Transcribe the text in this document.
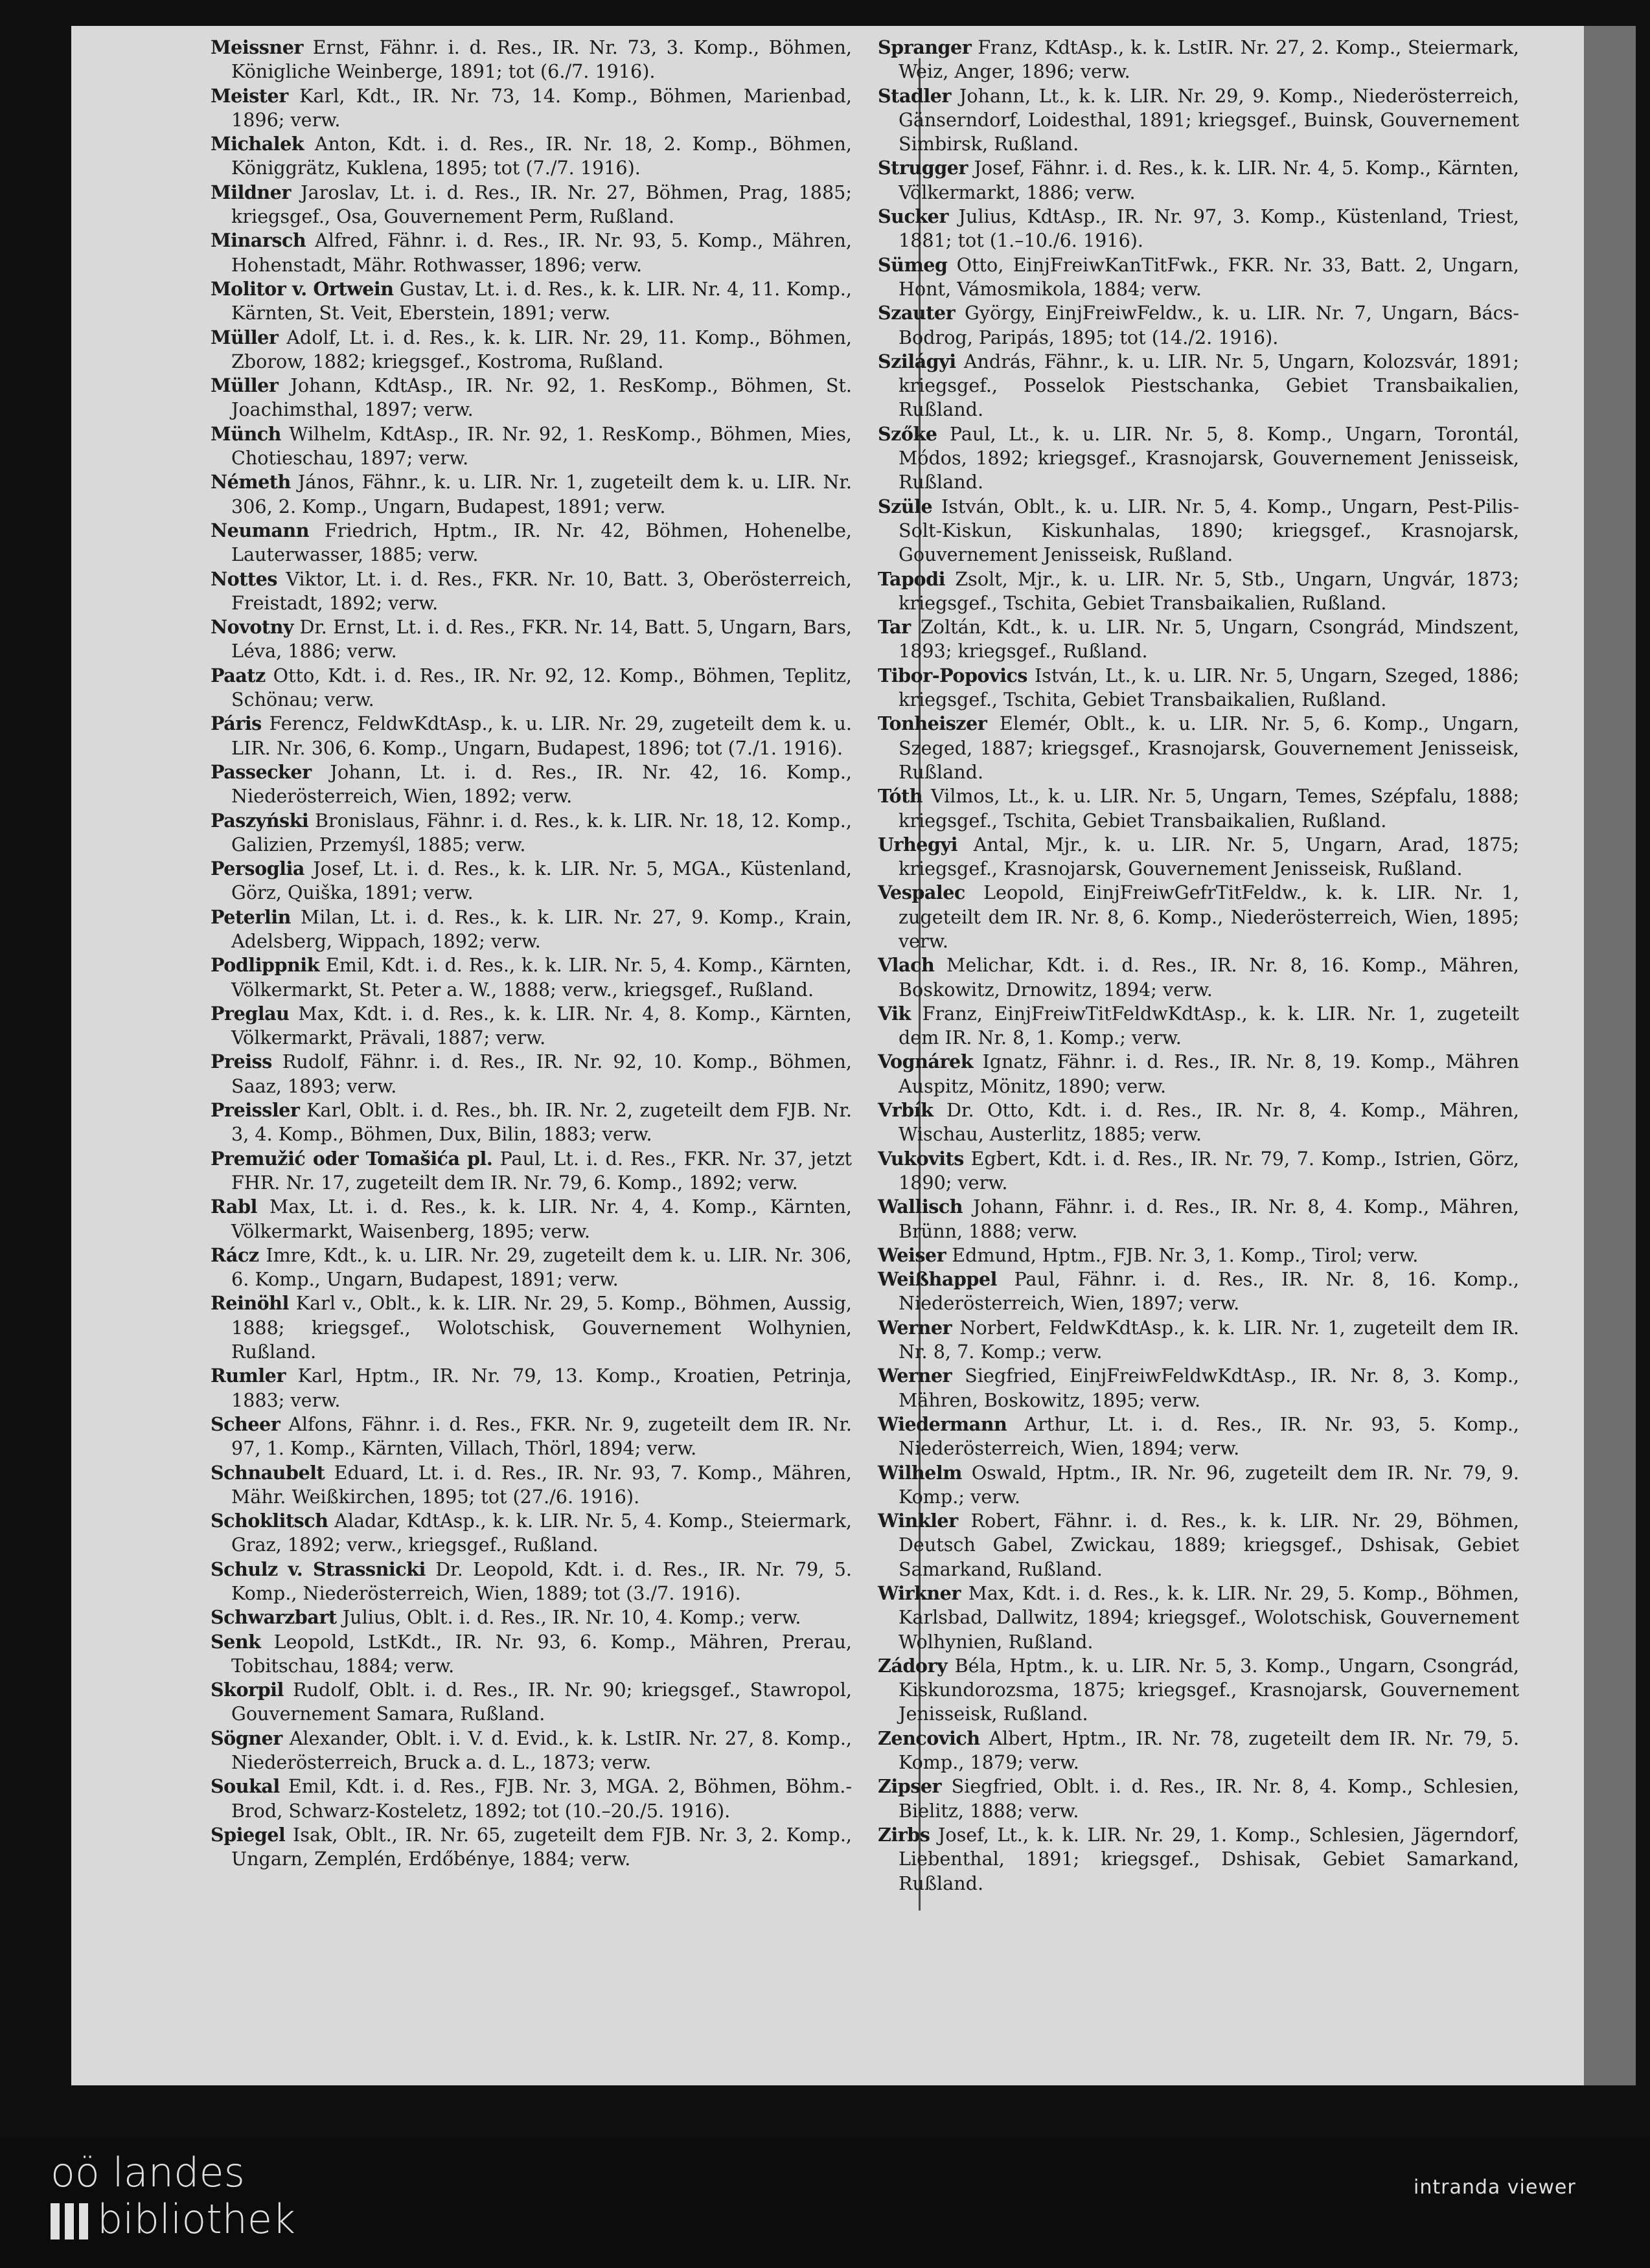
Meissner Ernst, Fähnr. i. d. Res., IR. Nr. 73, 3. Komp., Böhmen, Königliche Weinberge, 1891; tot (6./7. 1916).
Meister Karl, Kdt., IR. Nr. 73, 14. Komp., Böhmen, Marienbad, 1896; verw.
Michalek Anton, Kdt. i. d. Res., IR. Nr. 18, 2. Komp., Böhmen, Königgrätz, Kuklena, 1895; tot (7./7. 1916).
Mildner Jaroslav, Lt. i. d. Res., IR. Nr. 27, Böhmen, Prag, 1885; kriegsgef., Osa, Gouvernement Perm, Rußland.
Minarsch Alfred, Fähnr. i. d. Res., IR. Nr. 93, 5. Komp., Mähren, Hohenstadt, Mähr. Rothwasser, 1896; verw.
Molitor v. Ortwein Gustav, Lt. i. d. Res., k. k. LIR. Nr. 4, 11. Komp., Kärnten, St. Veit, Eberstein, 1891; verw.
Müller Adolf, Lt. i. d. Res., k. k. LIR. Nr. 29, 11. Komp., Böhmen, Zborow, 1882; kriegsgef., Kostroma, Rußland.
Müller Johann, KdtAsp., IR. Nr. 92, 1. ResKomp., Böhmen, St. Joachimsthal, 1897; verw.
Münch Wilhelm, KdtAsp., IR. Nr. 92, 1. ResKomp., Böhmen, Mies, Chotieschau, 1897; verw.
Németh János, Fähnr., k. u. LIR. Nr. 1, zugeteilt dem k. u. LIR. Nr. 306, 2. Komp., Ungarn, Budapest, 1891; verw.
Neumann Friedrich, Hptm., IR. Nr. 42, Böhmen, Hohenelbe, Lauterwasser, 1885; verw.
Nottes Viktor, Lt. i. d. Res., FKR. Nr. 10, Batt. 3, Oberösterreich, Freistadt, 1892; verw.
Novotny Dr. Ernst, Lt. i. d. Res., FKR. Nr. 14, Batt. 5, Ungarn, Bars, Léva, 1886; verw.
Paatz Otto, Kdt. i. d. Res., IR. Nr. 92, 12. Komp., Böhmen, Teplitz, Schönau; verw.
Páris Ferencz, FeldwKdtAsp., k. u. LIR. Nr. 29, zugeteilt dem k. u. LIR. Nr. 306, 6. Komp., Ungarn, Budapest, 1896; tot (7./1. 1916).
Passecker Johann, Lt. i. d. Res., IR. Nr. 42, 16. Komp., Niederösterreich, Wien, 1892; verw.
Paszyński Bronislaus, Fähnr. i. d. Res., k. k. LIR. Nr. 18, 12. Komp., Galizien, Przemyśl, 1885; verw.
Persoglia Josef, Lt. i. d. Res., k. k. LIR. Nr. 5, MGA., Küstenland, Görz, Quiška, 1891; verw.
Peterlin Milan, Lt. i. d. Res., k. k. LIR. Nr. 27, 9. Komp., Krain, Adelsberg, Wippach, 1892; verw.
Podlippnik Emil, Kdt. i. d. Res., k. k. LIR. Nr. 5, 4. Komp., Kärnten, Völkermarkt, St. Peter a. W., 1888; verw., kriegsgef., Rußland.
Preglau Max, Kdt. i. d. Res., k. k. LIR. Nr. 4, 8. Komp., Kärnten, Völkermarkt, Prävali, 1887; verw.
Preiss Rudolf, Fähnr. i. d. Res., IR. Nr. 92, 10. Komp., Böhmen, Saaz, 1893; verw.
Preissler Karl, Oblt. i. d. Res., bh. IR. Nr. 2, zugeteilt dem FJB. Nr. 3, 4. Komp., Böhmen, Dux, Bilin, 1883; verw.
Premužić oder Tomašića pl. Paul, Lt. i. d. Res., FKR. Nr. 37, jetzt FHR. Nr. 17, zugeteilt dem IR. Nr. 79, 6. Komp., 1892; verw.
Rabl Max, Lt. i. d. Res., k. k. LIR. Nr. 4, 4. Komp., Kärnten, Völkermarkt, Waisenberg, 1895; verw.
Rácz Imre, Kdt., k. u. LIR. Nr. 29, zugeteilt dem k. u. LIR. Nr. 306, 6. Komp., Ungarn, Budapest, 1891; verw.
Reinöhl Karl v., Oblt., k. k. LIR. Nr. 29, 5. Komp., Böhmen, Aussig, 1888; kriegsgef., Wolotschisk, Gouvernement Wolhynien, Rußland.
Rumler Karl, Hptm., IR. Nr. 79, 13. Komp., Kroatien, Petrinja, 1883; verw.
Scheer Alfons, Fähnr. i. d. Res., FKR. Nr. 9, zugeteilt dem IR. Nr. 97, 1. Komp., Kärnten, Villach, Thörl, 1894; verw.
Schnaubelt Eduard, Lt. i. d. Res., IR. Nr. 93, 7. Komp., Mähren, Mähr. Weißkirchen, 1895; tot (27./6. 1916).
Schoklitsch Aladar, KdtAsp., k. k. LIR. Nr. 5, 4. Komp., Steiermark, Graz, 1892; verw., kriegsgef., Rußland.
Schulz v. Strassnicki Dr. Leopold, Kdt. i. d. Res., IR. Nr. 79, 5. Komp., Niederösterreich, Wien, 1889; tot (3./7. 1916).
Schwarzbart Julius, Oblt. i. d. Res., IR. Nr. 10, 4. Komp.; verw.
Senk Leopold, LstKdt., IR. Nr. 93, 6. Komp., Mähren, Prerau, Tobitschau, 1884; verw.
Skorpil Rudolf, Oblt. i. d. Res., IR. Nr. 90; kriegsgef., Stawropol, Gouvernement Samara, Rußland.
Sögner Alexander, Oblt. i. V. d. Evid., k. k. LstIR. Nr. 27, 8. Komp., Niederösterreich, Bruck a. d. L., 1873; verw.
Soukal Emil, Kdt. i. d. Res., FJB. Nr. 3, MGA. 2, Böhmen, Böhm.-Brod, Schwarz-Kosteletz, 1892; tot (10.–20./5. 1916).
Spiegel Isak, Oblt., IR. Nr. 65, zugeteilt dem FJB. Nr. 3, 2. Komp., Ungarn, Zemplén, Erdőbénye, 1884; verw.
Spranger Franz, KdtAsp., k. k. LstIR. Nr. 27, 2. Komp., Steiermark, Weiz, Anger, 1896; verw.
Stadler Johann, Lt., k. k. LIR. Nr. 29, 9. Komp., Niederösterreich, Gänserndorf, Loidesthal, 1891; kriegsgef., Buinsk, Gouvernement Simbirsk, Rußland.
Strugger Josef, Fähnr. i. d. Res., k. k. LIR. Nr. 4, 5. Komp., Kärnten, Völkermarkt, 1886; verw.
Sucker Julius, KdtAsp., IR. Nr. 97, 3. Komp., Küstenland, Triest, 1881; tot (1.–10./6. 1916).
Sümeg Otto, EinjFreiwKanTitFwk., FKR. Nr. 33, Batt. 2, Ungarn, Hont, Vámosmikola, 1884; verw.
Szauter György, EinjFreiwFeldw., k. u. LIR. Nr. 7, Ungarn, Bács-Bodrog, Paripás, 1895; tot (14./2. 1916).
Szilágyi András, Fähnr., k. u. LIR. Nr. 5, Ungarn, Kolozsvár, 1891; kriegsgef., Posselok Piestschanka, Gebiet Transbaikalien, Rußland.
Szőke Paul, Lt., k. u. LIR. Nr. 5, 8. Komp., Ungarn, Torontál, Módos, 1892; kriegsgef., Krasnojarsk, Gouvernement Jenisseisk, Rußland.
Szüle István, Oblt., k. u. LIR. Nr. 5, 4. Komp., Ungarn, Pest-Pilis-Solt-Kiskun, Kiskunhalas, 1890; kriegsgef., Krasnojarsk, Gouvernement Jenisseisk, Rußland.
Tapodi Zsolt, Mjr., k. u. LIR. Nr. 5, Stb., Ungarn, Ungvár, 1873; kriegsgef., Tschita, Gebiet Transbaikalien, Rußland.
Tar Zoltán, Kdt., k. u. LIR. Nr. 5, Ungarn, Csongrád, Mindszent, 1893; kriegsgef., Rußland.
Tibor-Popovics István, Lt., k. u. LIR. Nr. 5, Ungarn, Szeged, 1886; kriegsgef., Tschita, Gebiet Transbaikalien, Rußland.
Tonheiszer Elemér, Oblt., k. u. LIR. Nr. 5, 6. Komp., Ungarn, Szeged, 1887; kriegsgef., Krasnojarsk, Gouvernement Jenisseisk, Rußland.
Tóth Vilmos, Lt., k. u. LIR. Nr. 5, Ungarn, Temes, Szépfalu, 1888; kriegsgef., Tschita, Gebiet Transbaikalien, Rußland.
Urhegyi Antal, Mjr., k. u. LIR. Nr. 5, Ungarn, Arad, 1875; kriegsgef., Krasnojarsk, Gouvernement Jenisseisk, Rußland.
Vespalec Leopold, EinjFreiwGefrTitFeldw., k. k. LIR. Nr. 1, zugeteilt dem IR. Nr. 8, 6. Komp., Niederösterreich, Wien, 1895; verw.
Vlach Melichar, Kdt. i. d. Res., IR. Nr. 8, 16. Komp., Mähren, Boskowitz, Drnowitz, 1894; verw.
Vik Franz, EinjFreiwTitFeldwKdtAsp., k. k. LIR. Nr. 1, zugeteilt dem IR. Nr. 8, 1. Komp.; verw.
Vognárek Ignatz, Fähnr. i. d. Res., IR. Nr. 8, 19. Komp., Mähren Auspitz, Mönitz, 1890; verw.
Vrbík Dr. Otto, Kdt. i. d. Res., IR. Nr. 8, 4. Komp., Mähren, Wischau, Austerlitz, 1885; verw.
Vukovits Egbert, Kdt. i. d. Res., IR. Nr. 79, 7. Komp., Istrien, Görz, 1890; verw.
Wallisch Johann, Fähnr. i. d. Res., IR. Nr. 8, 4. Komp., Mähren, Brünn, 1888; verw.
Weiser Edmund, Hptm., FJB. Nr. 3, 1. Komp., Tirol; verw.
Weißhappel Paul, Fähnr. i. d. Res., IR. Nr. 8, 16. Komp., Niederösterreich, Wien, 1897; verw.
Werner Norbert, FeldwKdtAsp., k. k. LIR. Nr. 1, zugeteilt dem IR. Nr. 8, 7. Komp.; verw.
Werner Siegfried, EinjFreiwFeldwKdtAsp., IR. Nr. 8, 3. Komp., Mähren, Boskowitz, 1895; verw.
Wiedermann Arthur, Lt. i. d. Res., IR. Nr. 93, 5. Komp., Niederösterreich, Wien, 1894; verw.
Wilhelm Oswald, Hptm., IR. Nr. 96, zugeteilt dem IR. Nr. 79, 9. Komp.; verw.
Winkler Robert, Fähnr. i. d. Res., k. k. LIR. Nr. 29, Böhmen, Deutsch Gabel, Zwickau, 1889; kriegsgef., Dshisak, Gebiet Samarkand, Rußland.
Wirkner Max, Kdt. i. d. Res., k. k. LIR. Nr. 29, 5. Komp., Böhmen, Karlsbad, Dallwitz, 1894; kriegsgef., Wolotschisk, Gouvernement Wolhynien, Rußland.
Zádory Béla, Hptm., k. u. LIR. Nr. 5, 3. Komp., Ungarn, Csongrád, Kiskundorozsma, 1875; kriegsgef., Krasnojarsk, Gouvernement Jenisseisk, Rußland.
Zencovich Albert, Hptm., IR. Nr. 78, zugeteilt dem IR. Nr. 79, 5. Komp., 1879; verw.
Zipser Siegfried, Oblt. i. d. Res., IR. Nr. 8, 4. Komp., Schlesien, Bielitz, 1888; verw.
Zirbs Josef, Lt., k. k. LIR. Nr. 29, 1. Komp., Schlesien, Jägerndorf, Liebenthal, 1891; kriegsgef., Dshisak, Gebiet Samarkand, Rußland.
oö landes
bibliothek
intranda viewer
